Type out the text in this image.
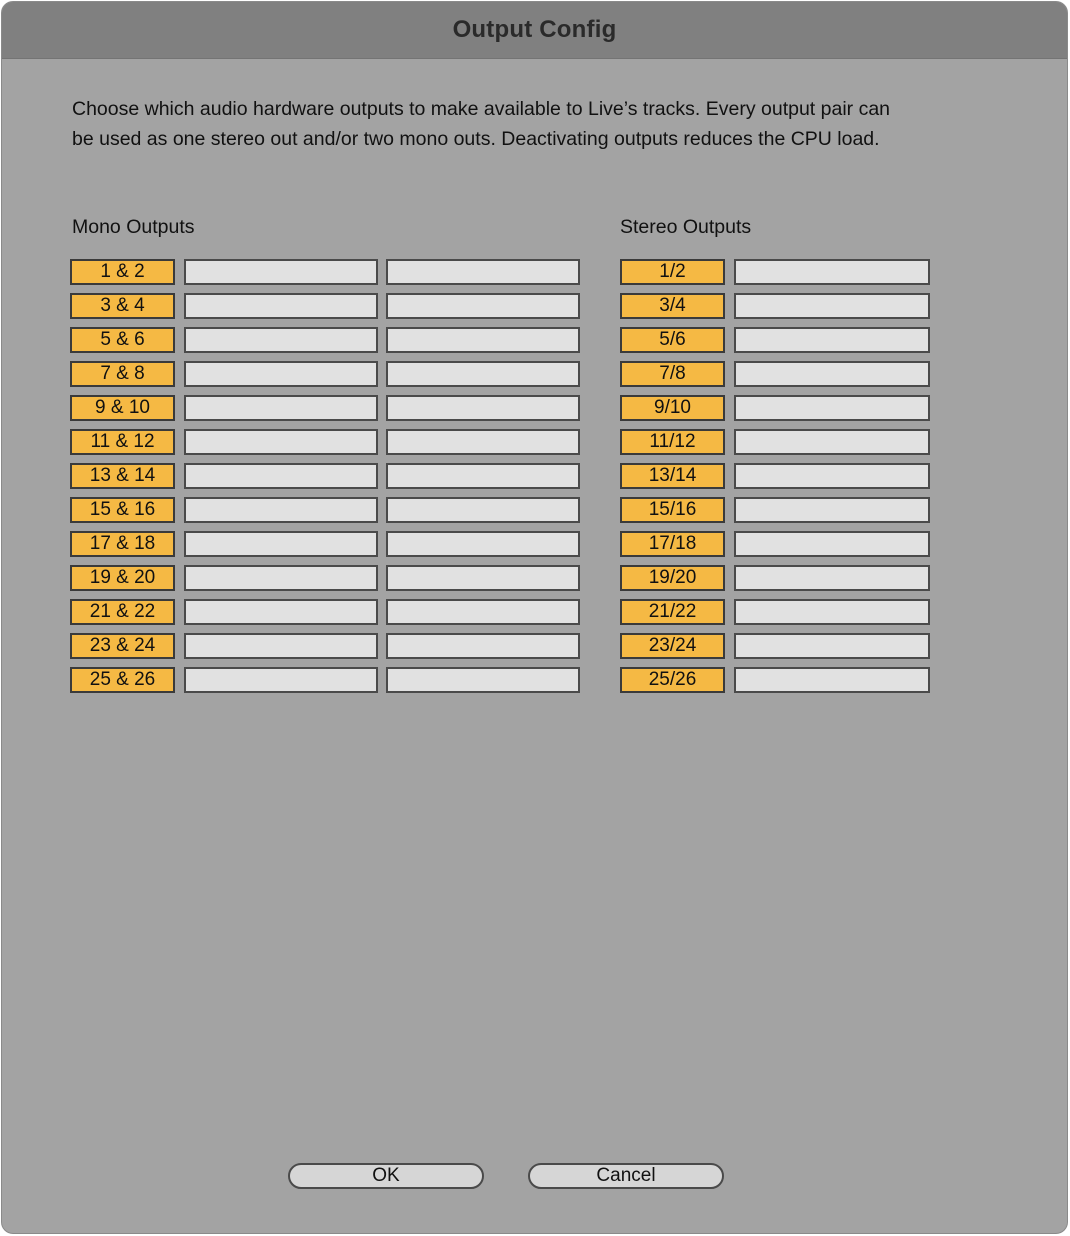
Output Config
Choose which audio hardware outputs to make available to Live’s tracks. Every output pair can
be used as one stereo out and/or two mono outs. Deactivating outputs reduces the CPU load.
Mono Outputs	Stereo Outputs
1 & 2
3 & 4
5 & 6
7 & 8
9 & 10
11 & 12
13 & 14
15 & 16
17 & 18
19 & 20
21 & 22
23 & 24
25 & 26
1/2
3/4
5/6
7/8
9/10
11/12
13/14
15/16
17/18
19/20
21/22
23/24
25/26
OK	Cancel
